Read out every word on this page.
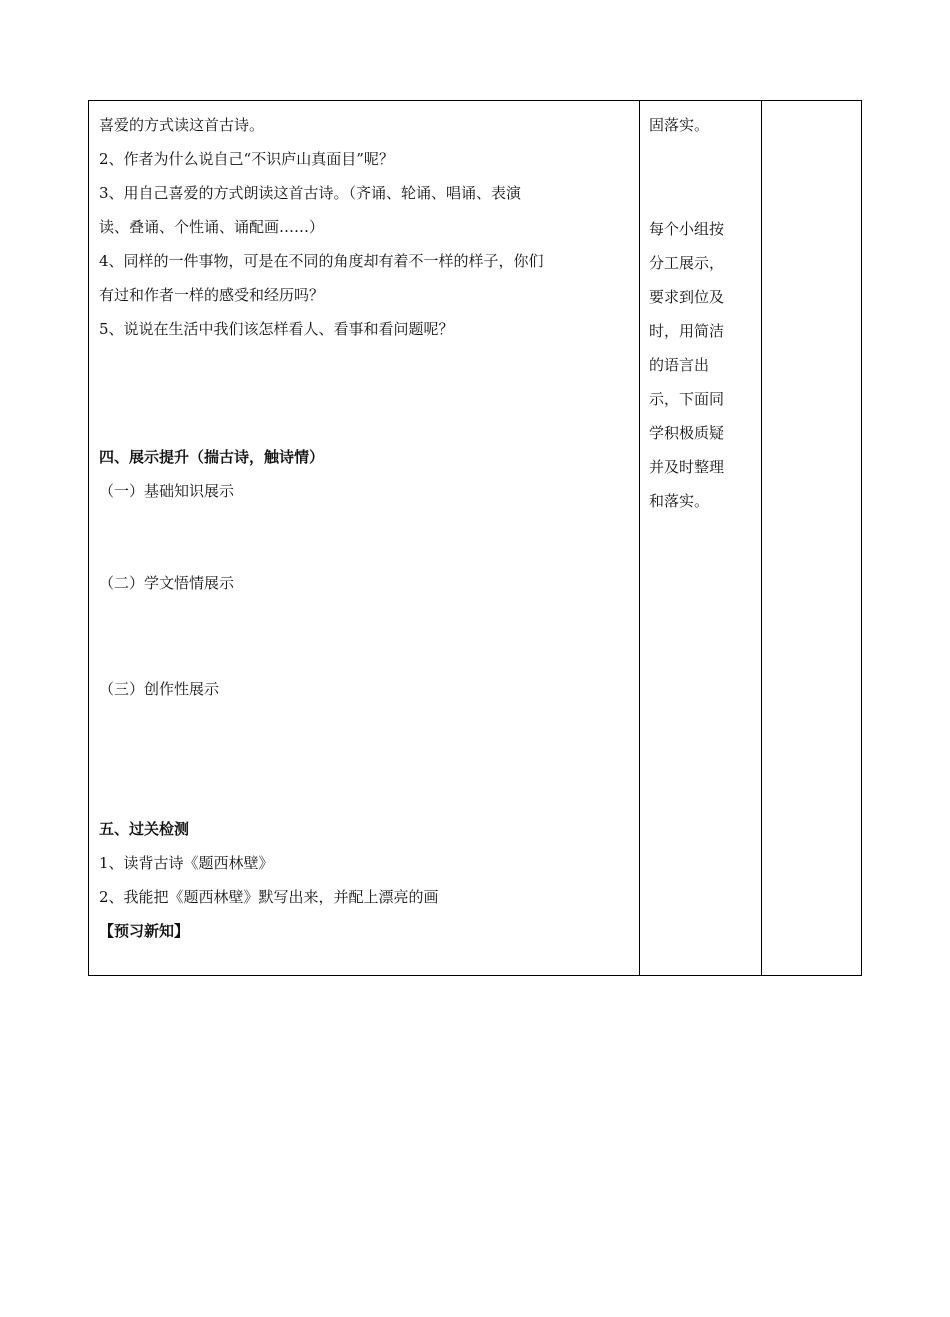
喜爱的方式读这首古诗。
2、作者为什么说自己“不识庐山真面目”呢？
3、用自己喜爱的方式朗读这首古诗。（齐诵、轮诵、唱诵、表演
读、叠诵、个性诵、诵配画……）
4、同样的一件事物，可是在不同的角度却有着不一样的样子，你们
有过和作者一样的感受和经历吗？
5、说说在生活中我们该怎样看人、看事和看问题呢？
四、展示提升（揣古诗，触诗情）
（一）基础知识展示
（二）学文悟情展示
（三）创作性展示
五、过关检测
1、读背古诗《题西林壁》
2、我能把《题西林壁》默写出来，并配上漂亮的画
【预习新知】
固落实。
每个小组按
分工展示，
要求到位及
时，用简洁
的语言出
示，下面同
学积极质疑
并及时整理
和落实。
